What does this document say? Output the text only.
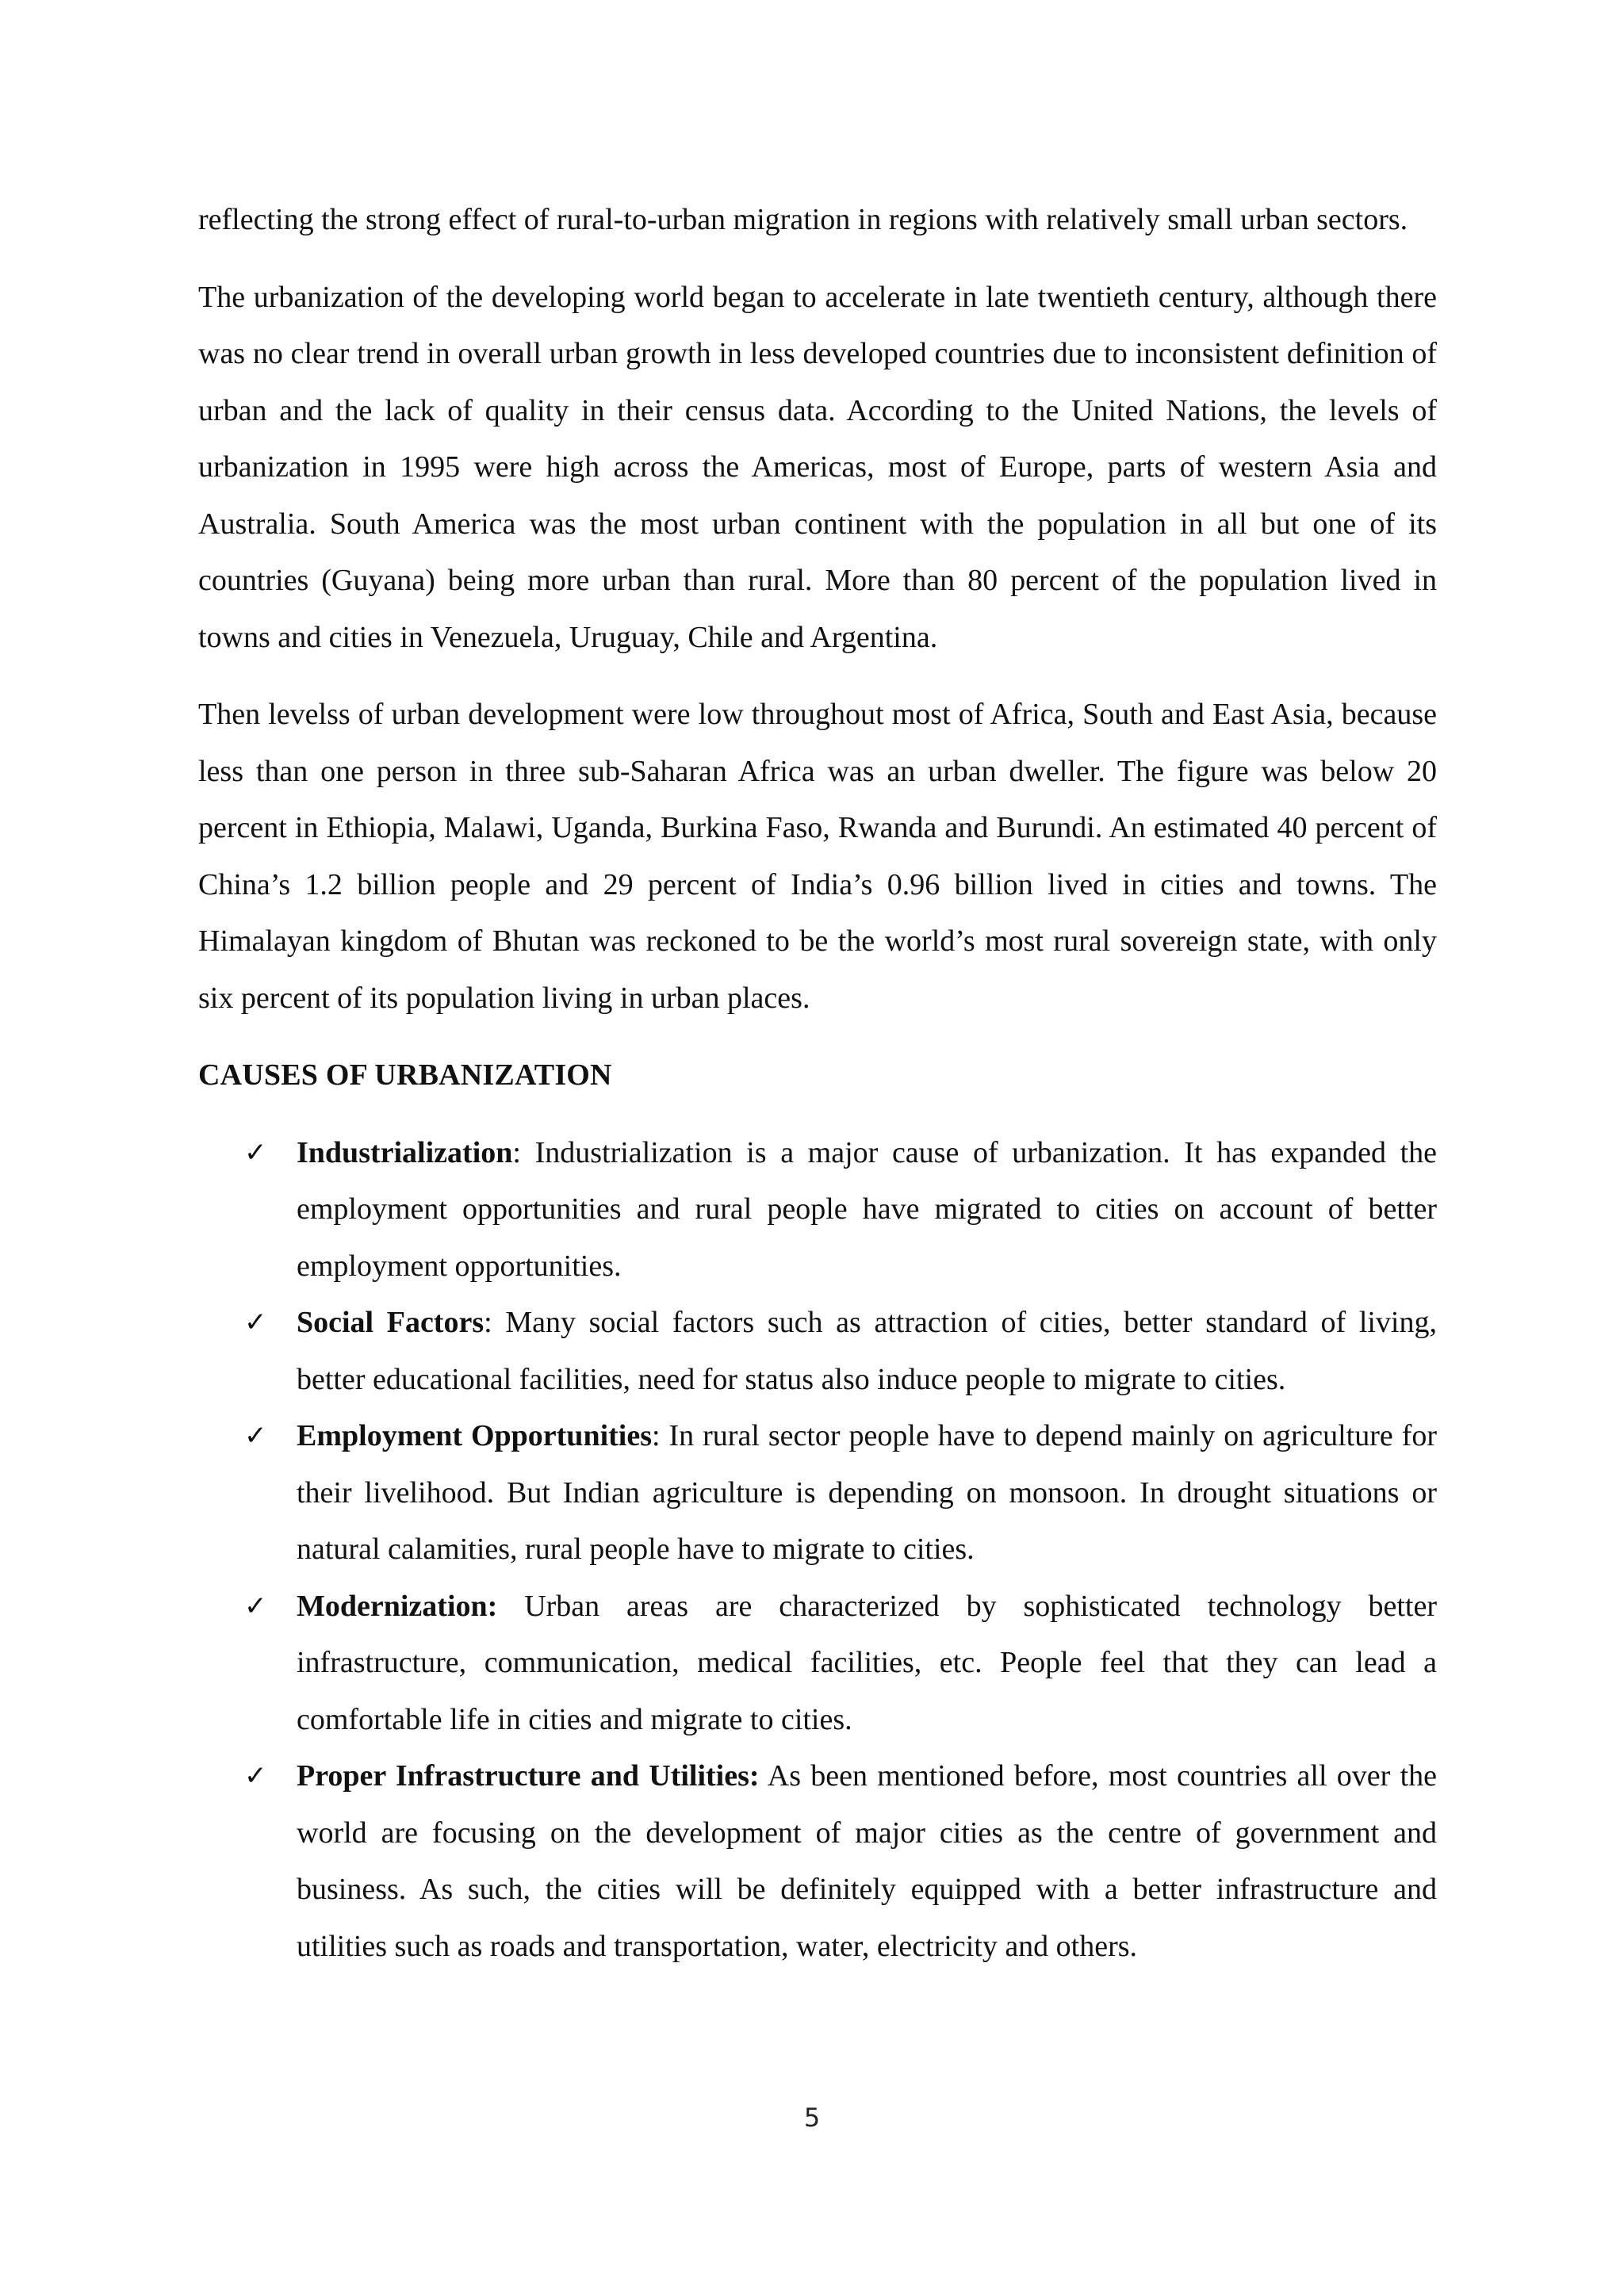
reflecting the strong effect of rural-to-urban migration in regions with relatively small urban sectors.

The urbanization of the developing world began to accelerate in late twentieth century, although there was no clear trend in overall urban growth in less developed countries due to inconsistent definition of urban and the lack of quality in their census data. According to the United Nations, the levels of urbanization in 1995 were high across the Americas, most of Europe, parts of western Asia and Australia. South America was the most urban continent with the population in all but one of its countries (Guyana) being more urban than rural. More than 80 percent of the population lived in towns and cities in Venezuela, Uruguay, Chile and Argentina.

Then levelss of urban development were low throughout most of Africa, South and East Asia, because less than one person in three sub-Saharan Africa was an urban dweller. The figure was below 20 percent in Ethiopia, Malawi, Uganda, Burkina Faso, Rwanda and Burundi. An estimated 40 percent of China’s 1.2 billion people and 29 percent of India’s 0.96 billion lived in cities and towns. The Himalayan kingdom of Bhutan was reckoned to be the world’s most rural sovereign state, with only six percent of its population living in urban places.

CAUSES OF URBANIZATION
✓ Industrialization: Industrialization is a major cause of urbanization. It has expanded the employment opportunities and rural people have migrated to cities on account of better employment opportunities.
✓ Social Factors: Many social factors such as attraction of cities, better standard of living, better educational facilities, need for status also induce people to migrate to cities.
✓ Employment Opportunities: In rural sector people have to depend mainly on agriculture for their livelihood. But Indian agriculture is depending on monsoon. In drought situations or natural calamities, rural people have to migrate to cities.
✓ Modernization: Urban areas are characterized by sophisticated technology better infrastructure, communication, medical facilities, etc. People feel that they can lead a comfortable life in cities and migrate to cities.
✓ Proper Infrastructure and Utilities: As been mentioned before, most countries all over the world are focusing on the development of major cities as the centre of government and business. As such, the cities will be definitely equipped with a better infrastructure and utilities such as roads and transportation, water, electricity and others.
5
